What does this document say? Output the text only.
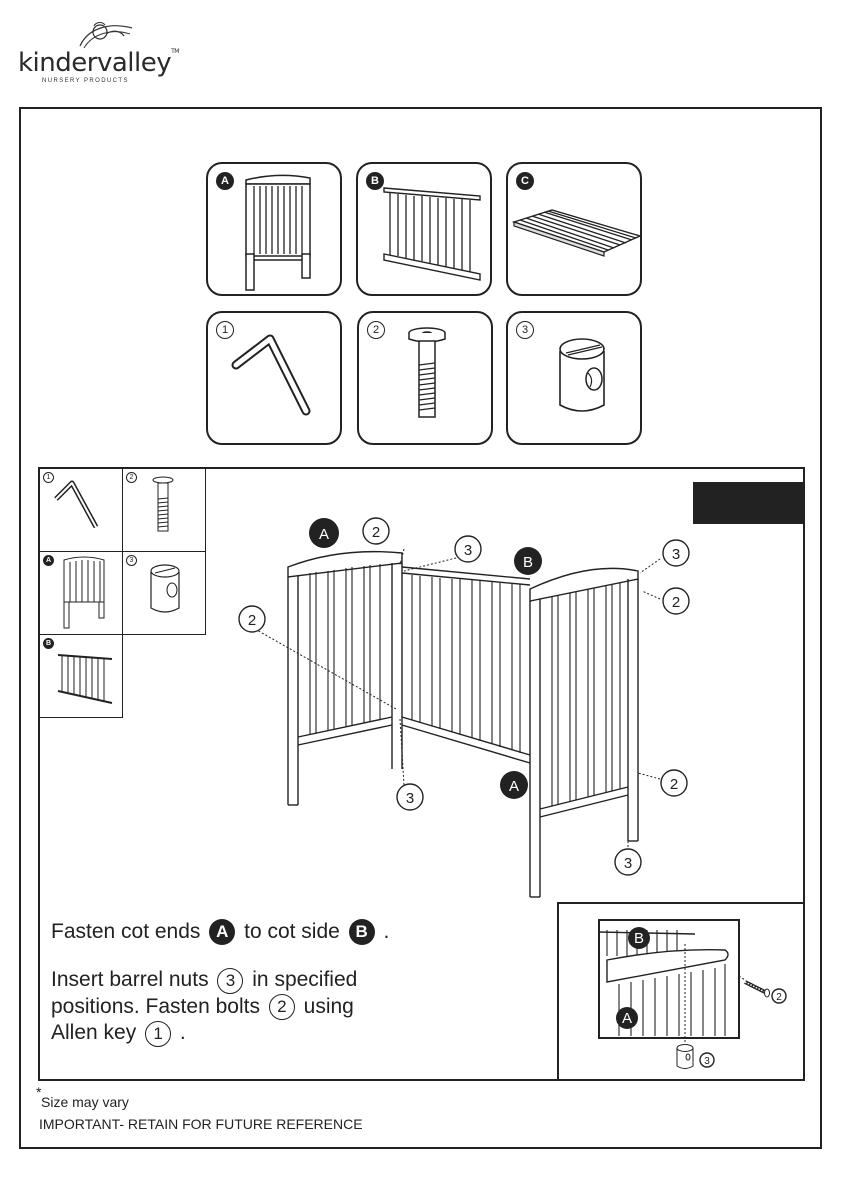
kindervalley™
NURSERY PRODUCTS
A	B	C
1	2	3
1	2
A	3
B
A	2
3
B	3
2
2
3
A	2
3
B
A
2
3

Fasten cot ends A to cot side B .

Insert barrel nuts 3 in specified
positions. Fasten bolts 2 using
Allen key 1 .

*
Size may vary
IMPORTANT- RETAIN FOR FUTURE REFERENCE
